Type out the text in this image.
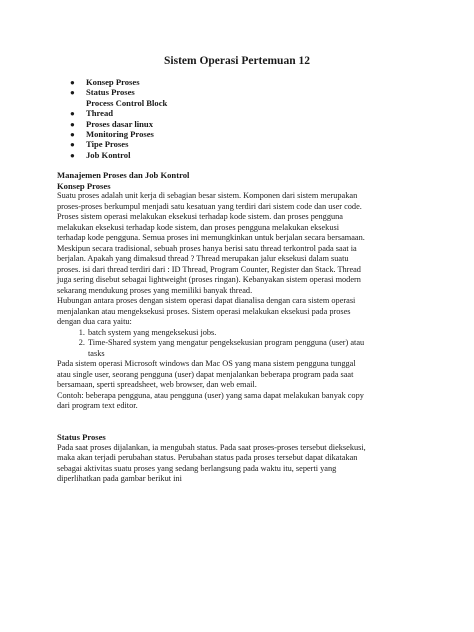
Sistem Operasi Pertemuan 12
● Konsep Proses
● Status Proses
Process Control Block
● Thread
● Proses dasar linux
● Monitoring Proses
● Tipe Proses
● Job Kontrol
Manajemen Proses dan Job Kontrol
Konsep Proses
Suatu proses adalah unit kerja di sebagian besar sistem. Komponen dari sistem merupakan
proses-proses berkumpul menjadi satu kesatuan yang terdiri dari sistem code dan user code.
Proses sistem operasi melakukan eksekusi terhadap kode sistem. dan proses pengguna
melakukan eksekusi terhadap kode sistem, dan proses pengguna melakukan eksekusi
terhadap kode pengguna. Semua proses ini memungkinkan untuk berjalan secara bersamaan.
Meskipun secara tradisional, sebuah proses hanya berisi satu thread terkontrol pada saat ia
berjalan. Apakah yang dimaksud thread ? Thread merupakan jalur eksekusi dalam suatu
proses. isi dari thread terdiri dari : ID Thread, Program Counter, Register dan Stack. Thread
juga sering disebut sebagai lightweight (proses ringan). Kebanyakan sistem operasi modern
sekarang mendukung proses yang memiliki banyak thread.
Hubungan antara proses dengan sistem operasi dapat dianalisa dengan cara sistem operasi
menjalankan atau mengeksekusi proses. Sistem operasi melakukan eksekusi pada proses
dengan dua cara yaitu:
1. batch system yang mengeksekusi jobs.
2. Time-Shared system yang mengatur pengeksekusian program pengguna (user) atau
tasks
Pada sistem operasi Microsoft windows dan Mac OS yang mana sistem pengguna tunggal
atau single user, seorang pengguna (user) dapat menjalankan beberapa program pada saat
bersamaan, sperti spreadsheet, web browser, dan web email.
Contoh: beberapa pengguna, atau pengguna (user) yang sama dapat melakukan banyak copy
dari program text editor.
Status Proses
Pada saat proses dijalankan, ia mengubah status. Pada saat proses-proses tersebut dieksekusi,
maka akan terjadi perubahan status. Perubahan status pada proses tersebut dapat dikatakan
sebagai aktivitas suatu proses yang sedang berlangsung pada waktu itu, seperti yang
diperlihatkan pada gambar berikut ini
